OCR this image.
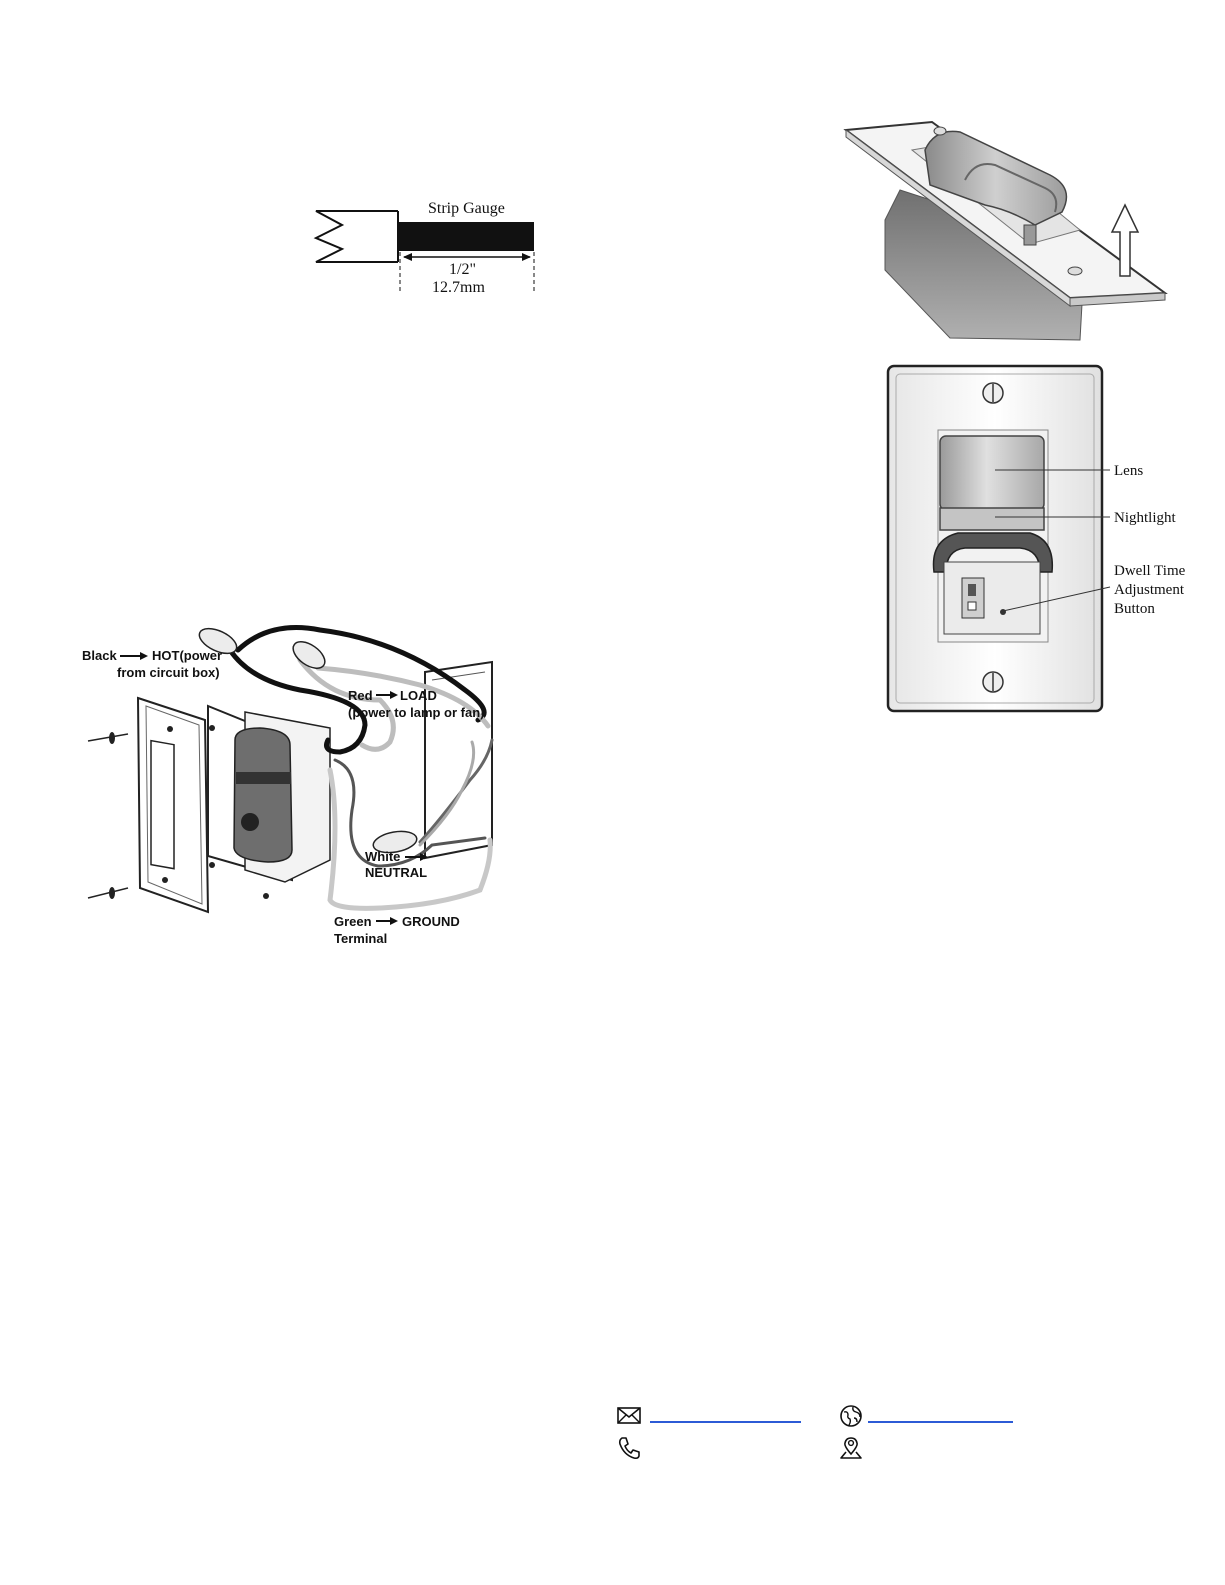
Strip Gauge
1/2"
12.7mm
Lens
Nightlight
Dwell Time
Adjustment
Button
Black	HOT(power
from circuit box)
Red LOAD
(power to lamp or fan)
White
NEUTRAL
Green GROUND
Terminal
